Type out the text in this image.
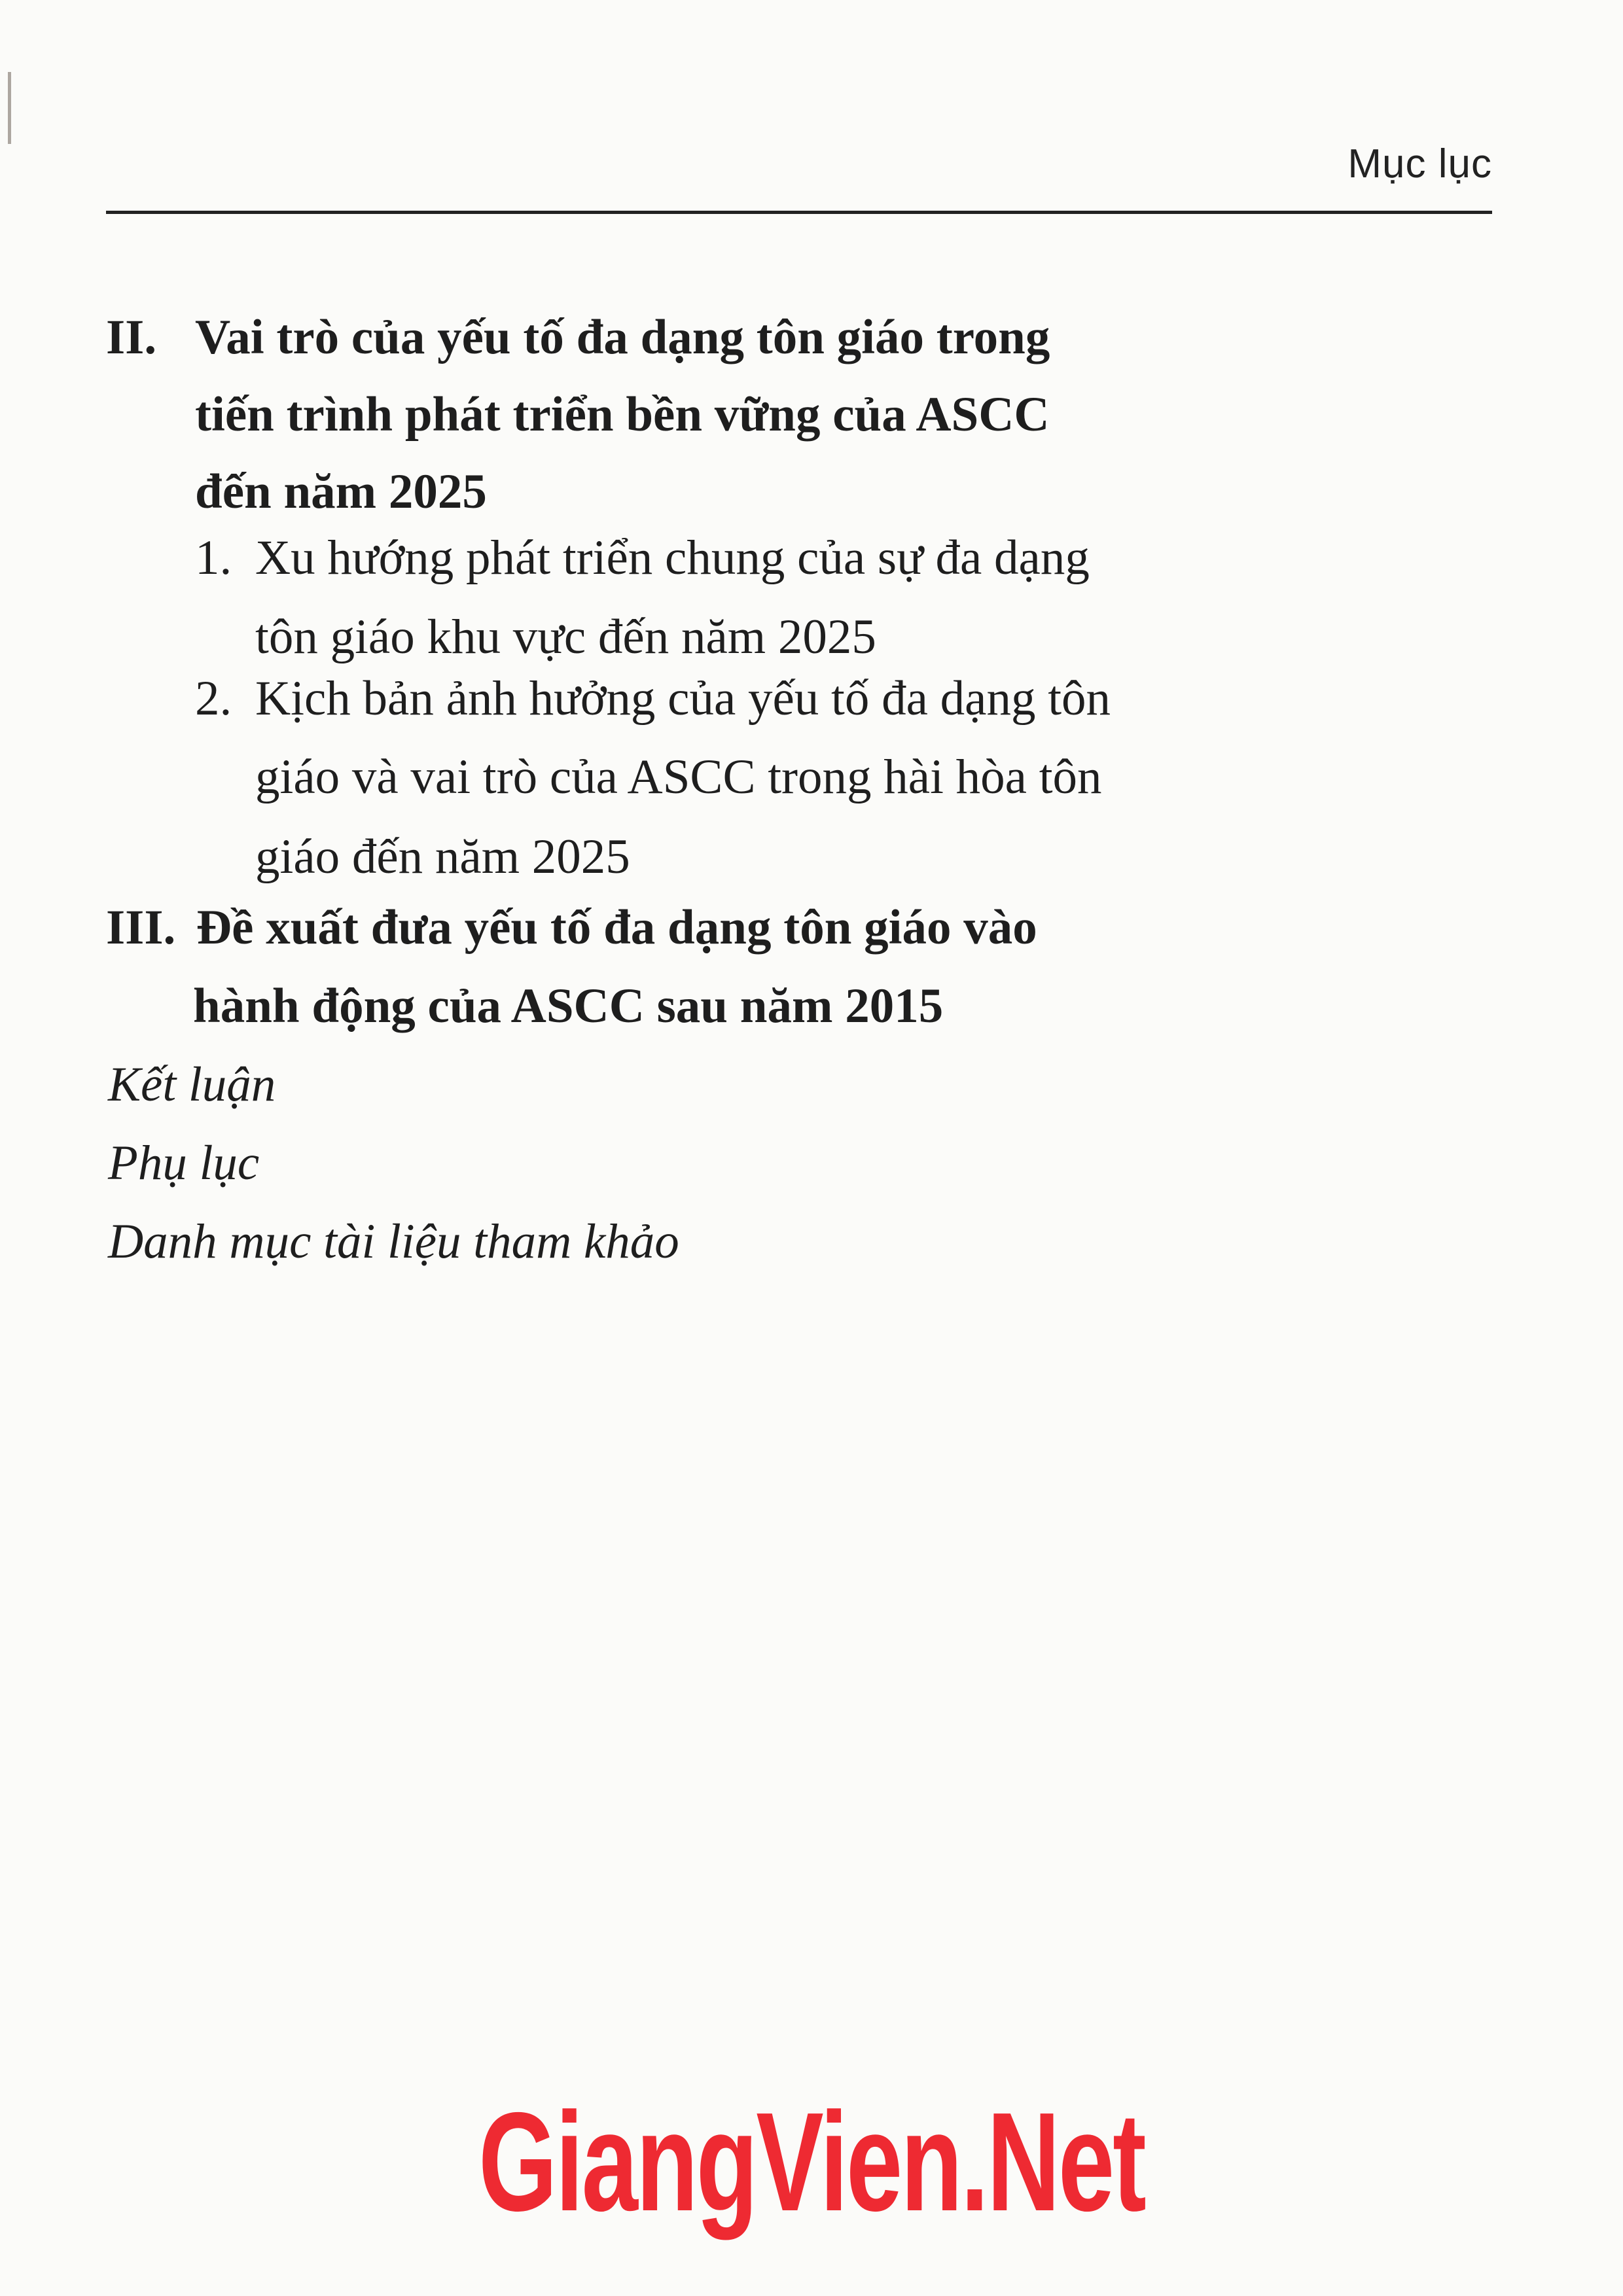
Mục lục
II. Vai trò của yếu tố đa dạng tôn giáo trong
tiến trình phát triển bền vững của ASCC
đến năm 2025
1. Xu hướng phát triển chung của sự đa dạng
tôn giáo khu vực đến năm 2025
2. Kịch bản ảnh hưởng của yếu tố đa dạng tôn
giáo và vai trò của ASCC trong hài hòa tôn
giáo đến năm 2025
III. Đề xuất đưa yếu tố đa dạng tôn giáo vào
hành động của ASCC sau năm 2015
Kết luận
Phụ lục
Danh mục tài liệu tham khảo
GiangVien.Net
